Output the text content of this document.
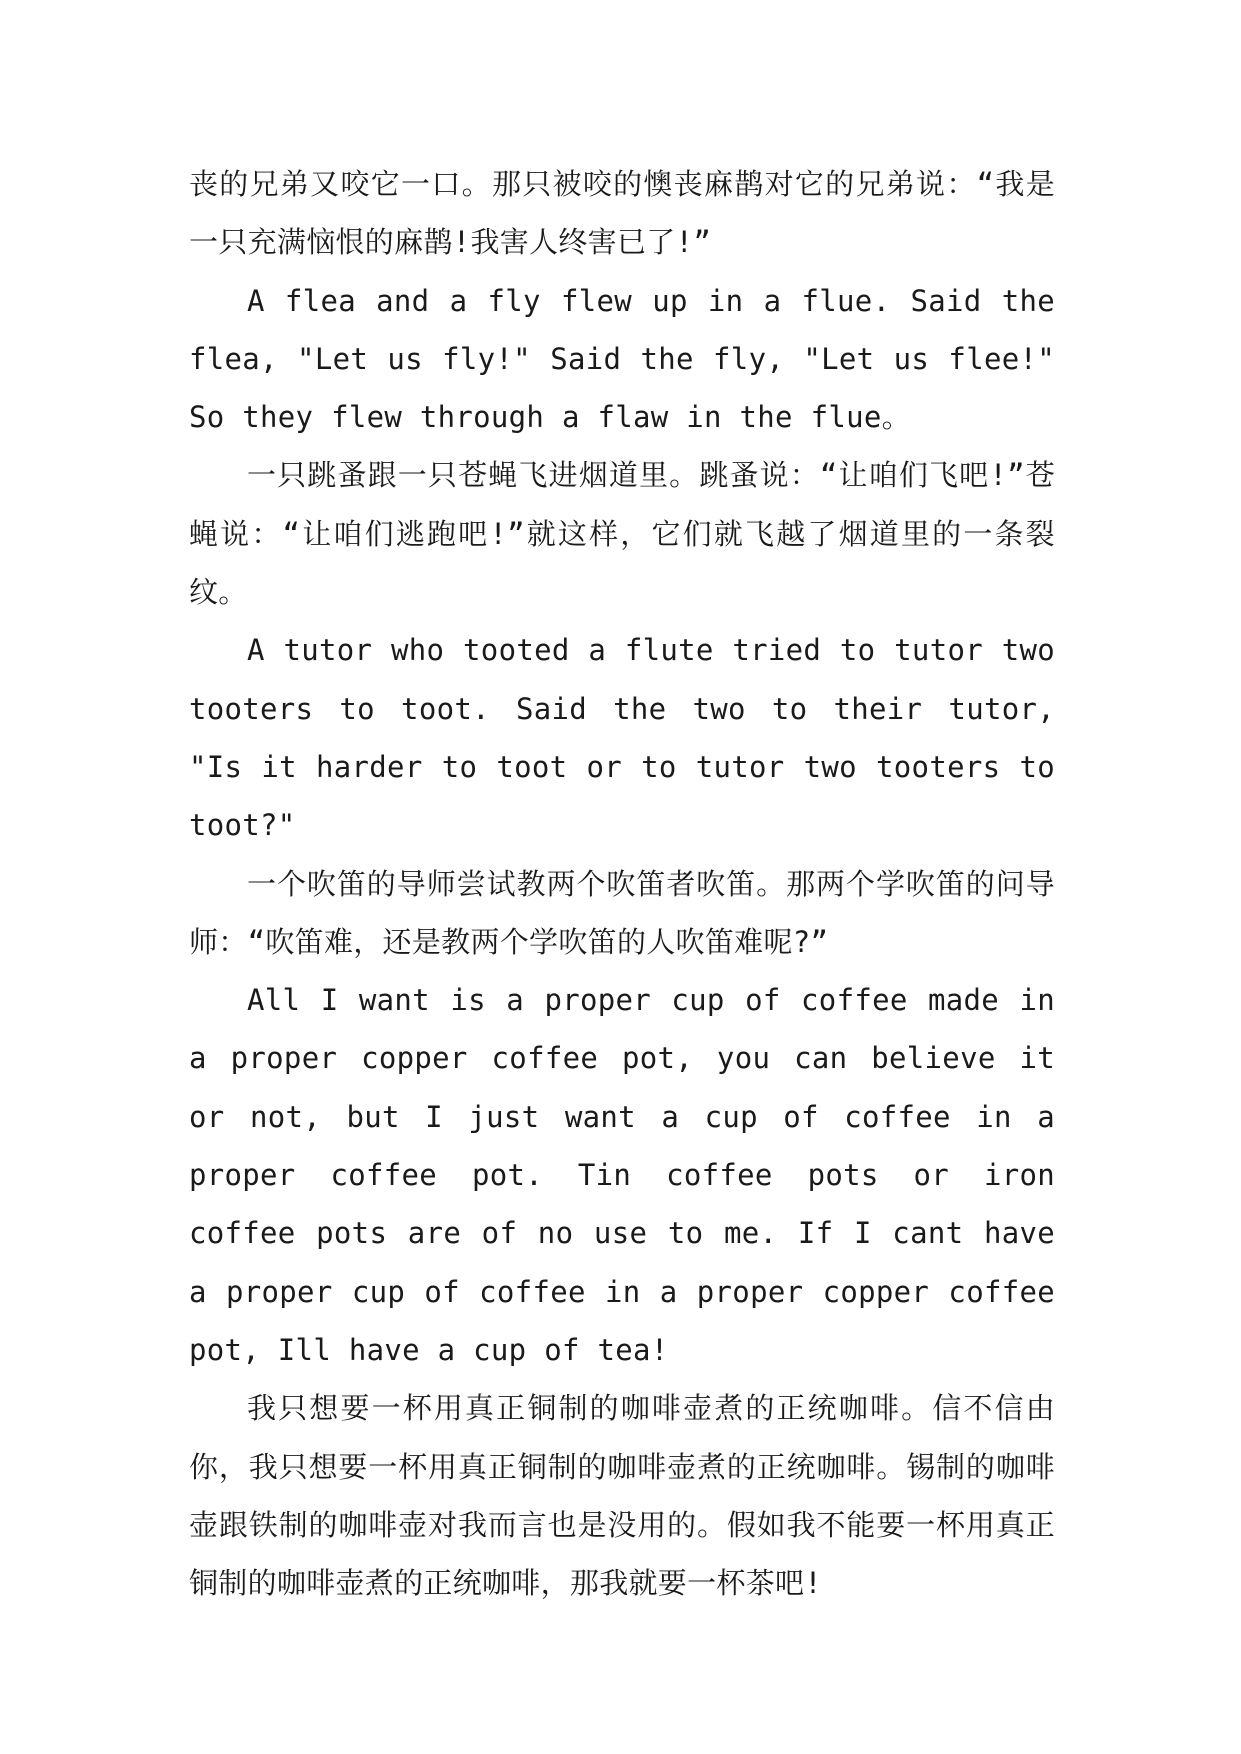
丧的兄弟又咬它一口。那只被咬的懊丧麻鹊对它的兄弟说：“我是一只充满恼恨的麻鹊!我害人终害已了!”

A flea and a fly flew up in a flue. Said the flea, "Let us fly!" Said the fly, "Let us flee!" So they flew through a flaw in the flue。

一只跳蚤跟一只苍蝇飞进烟道里。跳蚤说：“让咱们飞吧!”苍蝇说：“让咱们逃跑吧!”就这样，它们就飞越了烟道里的一条裂纹。

A tutor who tooted a flute tried to tutor two tooters to toot. Said the two to their tutor, "Is it harder to toot or to tutor two tooters to toot?"

一个吹笛的导师尝试教两个吹笛者吹笛。那两个学吹笛的问导师：“吹笛难，还是教两个学吹笛的人吹笛难呢?”

All I want is a proper cup of coffee made in a proper copper coffee pot, you can believe it or not, but I just want a cup of coffee in a proper coffee pot. Tin coffee pots or iron coffee pots are of no use to me. If I cant have a proper cup of coffee in a proper copper coffee pot, Ill have a cup of tea!

我只想要一杯用真正铜制的咖啡壶煮的正统咖啡。信不信由你，我只想要一杯用真正铜制的咖啡壶煮的正统咖啡。锡制的咖啡壶跟铁制的咖啡壶对我而言也是没用的。假如我不能要一杯用真正铜制的咖啡壶煮的正统咖啡，那我就要一杯茶吧!
